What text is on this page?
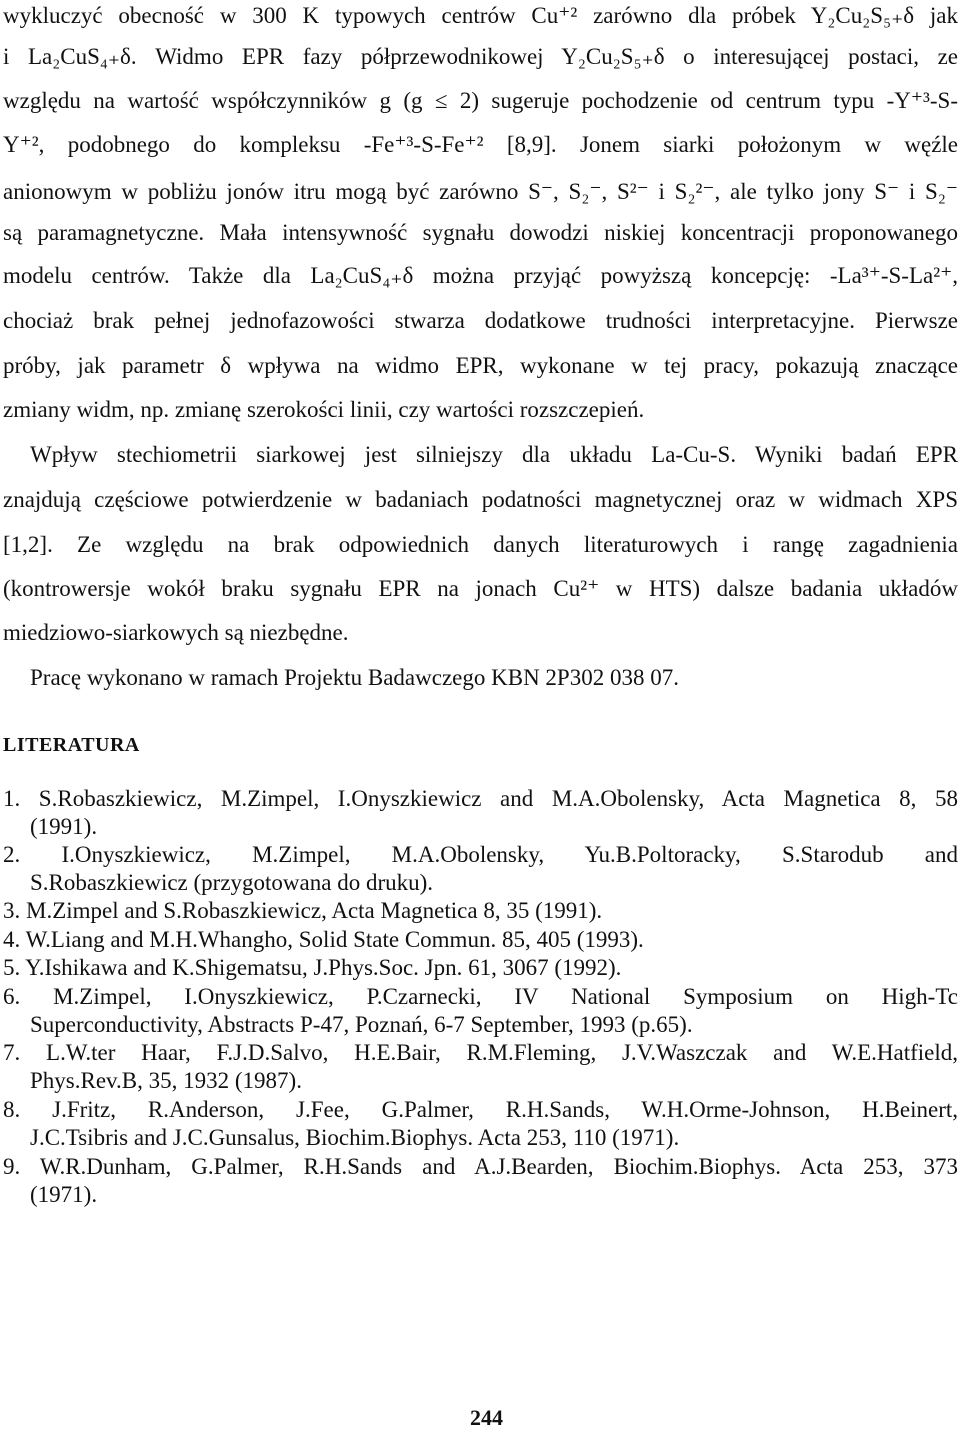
wykluczyć obecność w 300 K typowych centrów Cu⁺² zarówno dla próbek Y₂Cu₂S₅₊δ jak
i La₂CuS₄₊δ. Widmo EPR fazy półprzewodnikowej Y₂Cu₂S₅₊δ o interesującej postaci, ze
względu na wartość współczynników g (g ≤ 2) sugeruje pochodzenie od centrum typu -Y⁺³-S-
Y⁺², podobnego do kompleksu -Fe⁺³-S-Fe⁺² [8,9]. Jonem siarki położonym w węźle
anionowym w pobliżu jonów itru mogą być zarówno S⁻, S₂⁻, S²⁻ i S₂²⁻, ale tylko jony S⁻ i S₂⁻
są paramagnetyczne. Mała intensywność sygnału dowodzi niskiej koncentracji proponowanego
modelu centrów. Także dla La₂CuS₄₊δ można przyjąć powyższą koncepcję: -La³⁺-S-La²⁺,
chociaż brak pełnej jednofazowości stwarza dodatkowe trudności interpretacyjne. Pierwsze
próby, jak parametr δ wpływa na widmo EPR, wykonane w tej pracy, pokazują znaczące
zmiany widm, np. zmianę szerokości linii, czy wartości rozszczepień.
Wpływ stechiometrii siarkowej jest silniejszy dla układu La-Cu-S. Wyniki badań EPR
znajdują częściowe potwierdzenie w badaniach podatności magnetycznej oraz w widmach XPS
[1,2]. Ze względu na brak odpowiednich danych literaturowych i rangę zagadnienia
(kontrowersje wokół braku sygnału EPR na jonach Cu²⁺ w HTS) dalsze badania układów
miedziowo-siarkowych są niezbędne.
Pracę wykonano w ramach Projektu Badawczego KBN 2P302 038 07.
LITERATURA
1. S.Robaszkiewicz, M.Zimpel, I.Onyszkiewicz and M.A.Obolensky, Acta Magnetica 8, 58
(1991).
2. I.Onyszkiewicz, M.Zimpel, M.A.Obolensky, Yu.B.Poltoracky, S.Starodub and
S.Robaszkiewicz (przygotowana do druku).
3. M.Zimpel and S.Robaszkiewicz, Acta Magnetica 8, 35 (1991).
4. W.Liang and M.H.Whangho, Solid State Commun. 85, 405 (1993).
5. Y.Ishikawa and K.Shigematsu, J.Phys.Soc. Jpn. 61, 3067 (1992).
6. M.Zimpel, I.Onyszkiewicz, P.Czarnecki, IV National Symposium on High-Tc
Superconductivity, Abstracts P-47, Poznań, 6-7 September, 1993 (p.65).
7. L.W.ter Haar, F.J.D.Salvo, H.E.Bair, R.M.Fleming, J.V.Waszczak and W.E.Hatfield,
Phys.Rev.B, 35, 1932 (1987).
8. J.Fritz, R.Anderson, J.Fee, G.Palmer, R.H.Sands, W.H.Orme-Johnson, H.Beinert,
J.C.Tsibris and J.C.Gunsalus, Biochim.Biophys. Acta 253, 110 (1971).
9. W.R.Dunham, G.Palmer, R.H.Sands and A.J.Bearden, Biochim.Biophys. Acta 253, 373
(1971).
244
